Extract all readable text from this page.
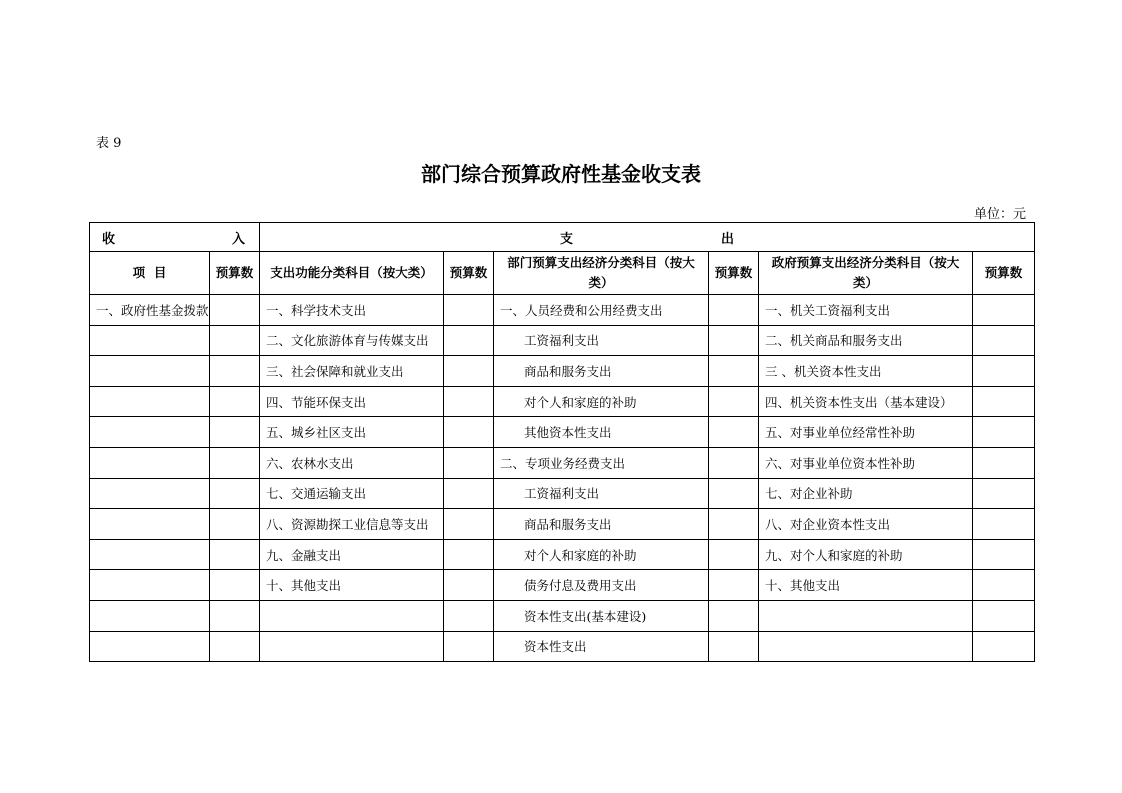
表 9
部门综合预算政府性基金收支表
单位：元
收 入		支 出					

项  目	预算数	支出功能分类科目（按大类）	预算数	部门预算支出经济分类科目（按大类）	预算数	政府预算支出经济分类科目（按大类）	预算数
一、政府性基金拨款		一、科学技术支出		一、人员经费和公用经费支出		一、机关工资福利支出	
		二、文化旅游体育与传媒支出		工资福利支出		二、机关商品和服务支出	
		三、社会保障和就业支出		商品和服务支出		三 、机关资本性支出	
		四、节能环保支出		对个人和家庭的补助		四、机关资本性支出（基本建设）	
		五、城乡社区支出		其他资本性支出		五、对事业单位经常性补助	
		六、农林水支出		二、专项业务经费支出		六、对事业单位资本性补助	
		七、交通运输支出		工资福利支出		七、对企业补助	
		八、资源勘探工业信息等支出		商品和服务支出		八、对企业资本性支出	
		九、金融支出		对个人和家庭的补助		九、对个人和家庭的补助	
		十、其他支出		债务付息及费用支出		十、其他支出	
				资本性支出(基本建设)			
				资本性支出			
